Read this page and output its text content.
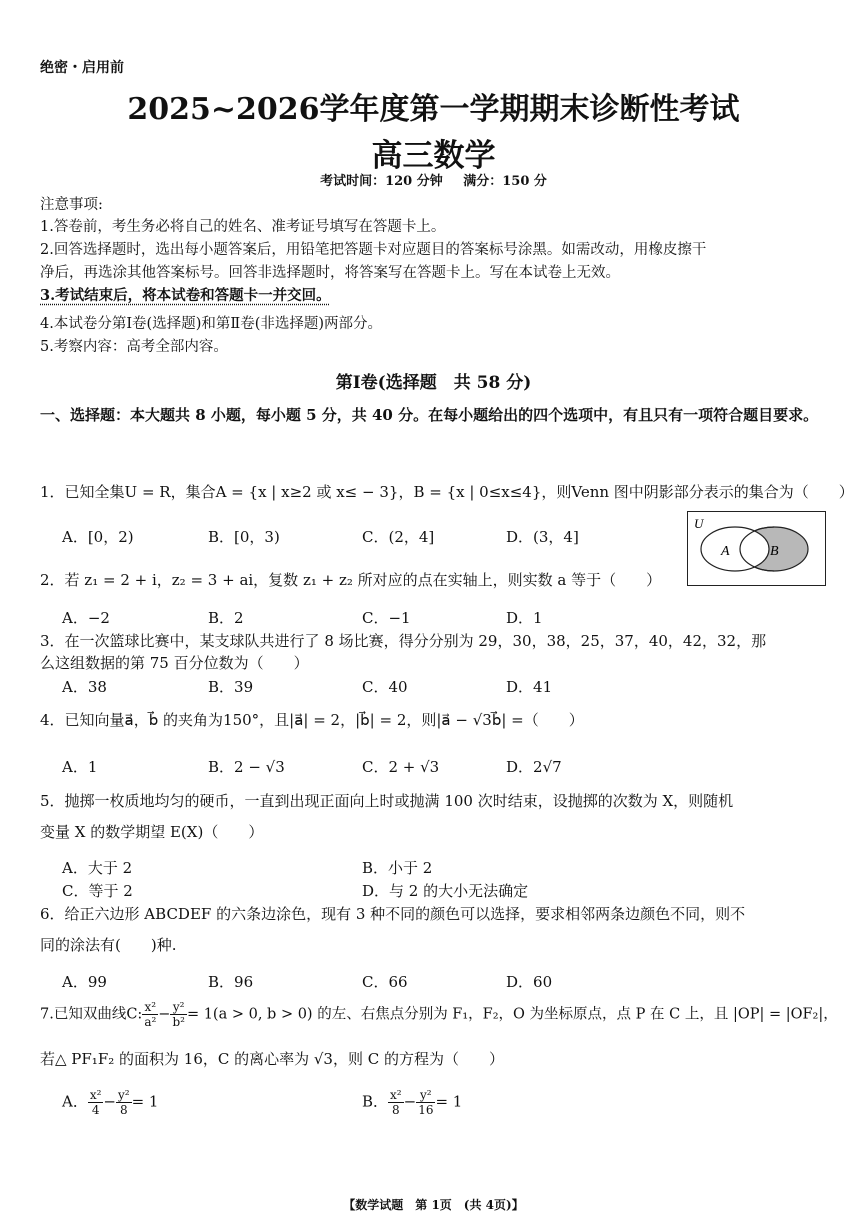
绝密・启用前
2025~2026学年度第一学期期末诊断性考试
高三数学
考试时间：120 分钟 满分：150 分
注意事项:
1.答卷前，考生务必将自己的姓名、准考证号填写在答题卡上。
2.回答选择题时，选出每小题答案后，用铅笔把答题卡对应题目的答案标号涂黑。如需改动，用橡皮擦干
净后，再选涂其他答案标号。回答非选择题时，将答案写在答题卡上。写在本试卷上无效。
3.考试结束后，将本试卷和答题卡一并交回。
4.本试卷分第Ⅰ卷(选择题)和第Ⅱ卷(非选择题)两部分。
5.考察内容：高考全部内容。
第Ⅰ卷(选择题　共 58 分)
一、选择题：本大题共 8 小题，每小题 5 分，共 40 分。在每小题给出的四个选项中，有且只有一项符合题目要求。
1．已知全集U = R，集合A = {x | x≥2 或 x≤ − 3}，B = {x | 0≤x≤4}，则Venn 图中阴影部分表示的集合为（　　）
A．[0，2)	B．[0，3)	C．(2，4]	D．(3，4]
U
A	B
2．若 z₁ = 2 + i，z₂ = 3 + ai，复数 z₁ + z₂ 所对应的点在实轴上，则实数 a 等于（　　）
A．−2	B．2	C．−1	D．1
3．在一次篮球比赛中，某支球队共进行了 8 场比赛，得分分别为 29，30，38，25，37，40，42，32，那
么这组数据的第 75 百分位数为（　　）
A．38	B．39	C．40	D．41
4．已知向量a⃗，b⃗ 的夹角为150°，且|a⃗| = 2，|b⃗| = 2，则|a⃗ − √3b⃗| =（　　）
A．1	B．2 − √3	C．2 + √3	D．2√7
5．抛掷一枚质地均匀的硬币，一直到出现正面向上时或抛满 100 次时结束，设抛掷的次数为 X，则随机
变量 X 的数学期望 E(X)（　　）
A．大于 2	B．小于 2
C．等于 2	D．与 2 的大小无法确定
6．给正六边形 ABCDEF 的六条边涂色，现有 3 种不同的颜色可以选择，要求相邻两条边颜色不同，则不
同的涂法有(　　)种.
A．99	B．96	C．66	D．60
7.已知双曲线C: $\frac{\text{x²}}{\text{a²}} - \frac{\text{y²}}{\text{b²}} = 1(a > 0$, b > 0) 的左、右焦点分别为 F₁，F₂，O 为坐标原点，点 P 在 C 上，且 |OP| = |OF₂|，
若△ PF₁F₂ 的面积为 16，C 的离心率为 √3，则 C 的方程为（　　）
A． $\frac{\text{x²}}{4} - \frac{\text{y²}}{8} = 1$	B． $\frac{\text{x²}}{8} - \frac{\text{y²}}{16} = 1$
【数学试题　第 1页　(共 4页)】
